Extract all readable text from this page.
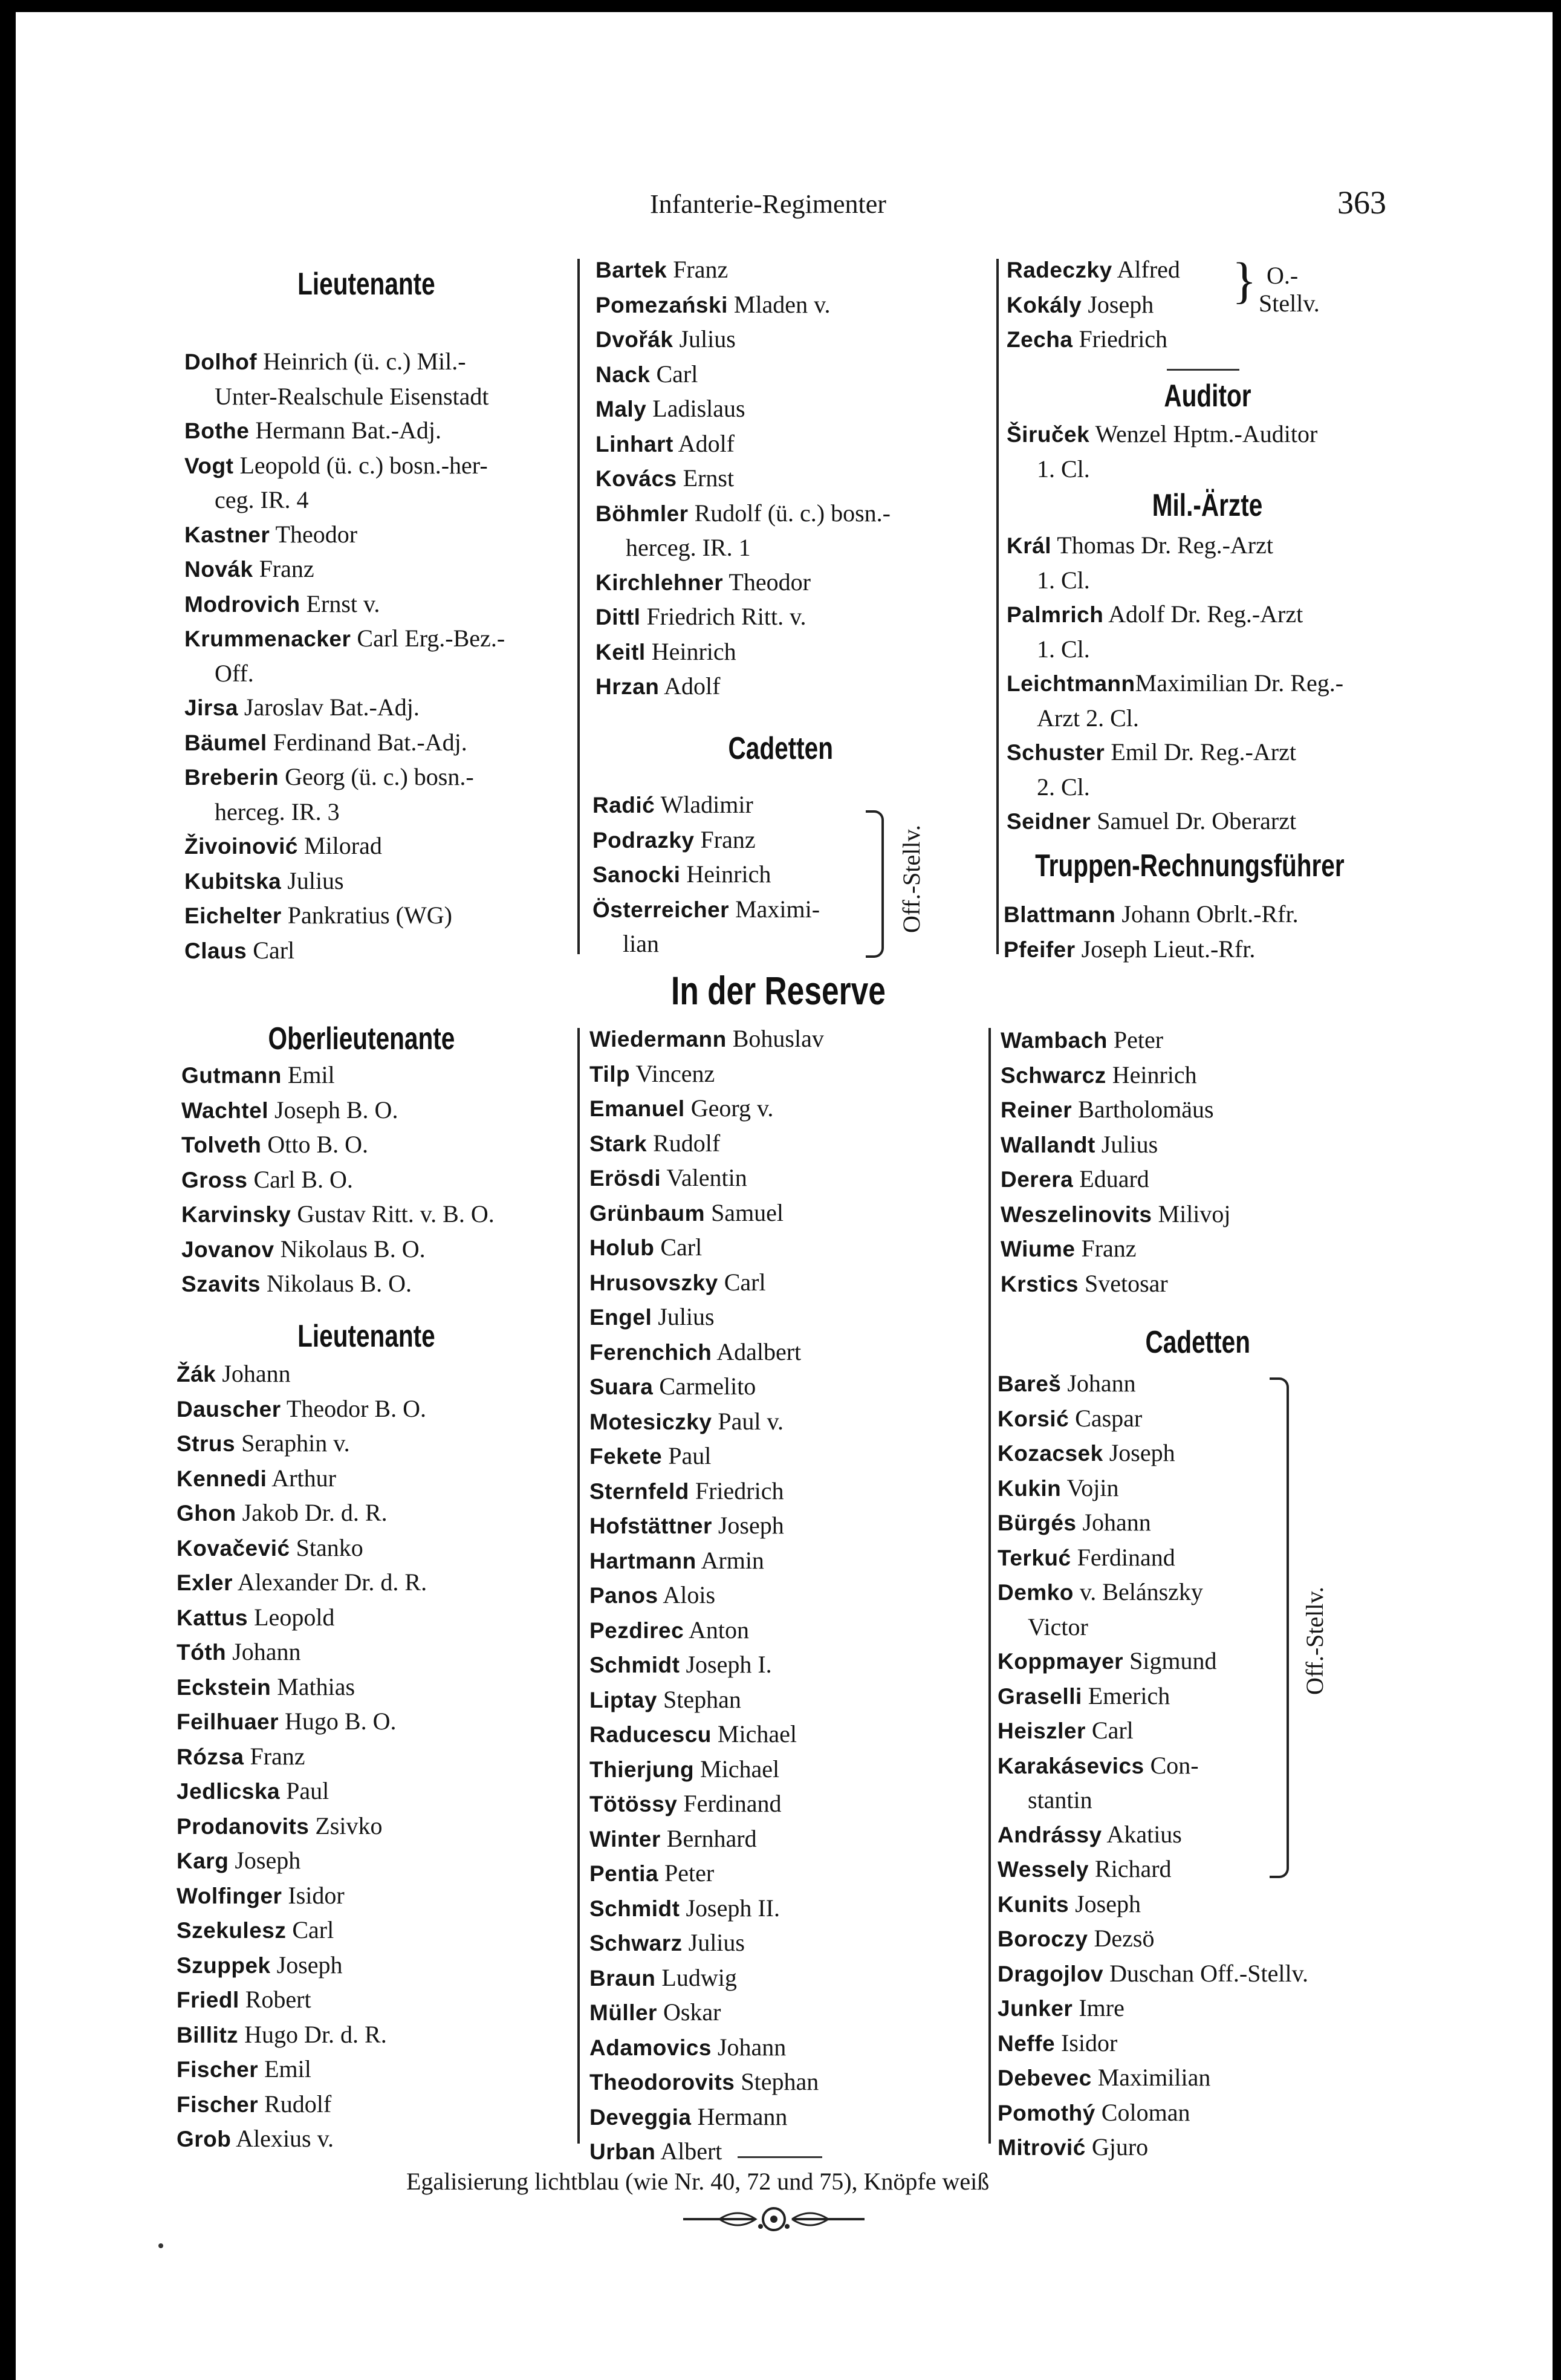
Infanterie-Regimenter	363
Lieutenante

Dolhof Heinrich (ü. c.) Mil.-

Unter-Realschule Eisenstadt

Bothe Hermann Bat.-Adj.

Vogt Leopold (ü. c.) bosn.-her-

ceg. IR. 4

Kastner Theodor

Novák Franz

Modrovich Ernst v.

Krummenacker Carl Erg.-Bez.-

Off.

Jirsa Jaroslav Bat.-Adj.

Bäumel Ferdinand Bat.-Adj.

Breberin Georg (ü. c.) bosn.-

herceg. IR. 3

Živoinović Milorad

Kubitska Julius

Eichelter Pankratius (WG)

Claus Carl

Bartek Franz

Pomezański Mladen v.

Dvořák Julius

Nack Carl

Maly Ladislaus

Linhart Adolf

Kovács Ernst

Böhmler Rudolf (ü. c.) bosn.-

herceg. IR. 1

Kirchlehner Theodor

Dittl Friedrich Ritt. v.

Keitl Heinrich

Hrzan Adolf

Cadetten

Radić Wladimir

Podrazky Franz

Sanocki Heinrich

Österreicher Maximi-

lian

Off.-Stellv.

Radeczky Alfred

Kokály Joseph

Zecha Friedrich

} O.-
Stellv.
Auditor

Širuček Wenzel Hptm.-Auditor

1. Cl.

Mil.-Ärzte

Král Thomas Dr. Reg.-Arzt

1. Cl.

Palmrich Adolf Dr. Reg.-Arzt

1. Cl.

LeichtmannMaximilian Dr. Reg.-

Arzt 2. Cl.

Schuster Emil Dr. Reg.-Arzt

2. Cl.

Seidner Samuel Dr. Oberarzt

Truppen-Rechnungsführer

Blattmann Johann Obrlt.-Rfr.

Pfeifer Joseph Lieut.-Rfr.

In der Reserve
Oberlieutenante

Gutmann Emil

Wachtel Joseph B. O.

Tolveth Otto B. O.

Gross Carl B. O.

Karvinsky Gustav Ritt. v. B. O.

Jovanov Nikolaus B. O.

Szavits Nikolaus B. O.

Lieutenante

Žák Johann

Dauscher Theodor B. O.

Strus Seraphin v.

Kennedi Arthur

Ghon Jakob Dr. d. R.

Kovačević Stanko

Exler Alexander Dr. d. R.

Kattus Leopold

Tóth Johann

Eckstein Mathias

Feilhuaer Hugo B. O.

Rózsa Franz

Jedlicska Paul

Prodanovits Zsivko

Karg Joseph

Wolfinger Isidor

Szekulesz Carl

Szuppek Joseph

Friedl Robert

Billitz Hugo Dr. d. R.

Fischer Emil

Fischer Rudolf

Grob Alexius v.

Wiedermann Bohuslav

Tilp Vincenz

Emanuel Georg v.

Stark Rudolf

Erösdi Valentin

Grünbaum Samuel

Holub Carl

Hrusovszky Carl

Engel Julius

Ferenchich Adalbert

Suara Carmelito

Motesiczky Paul v.

Fekete Paul

Sternfeld Friedrich

Hofstättner Joseph

Hartmann Armin

Panos Alois

Pezdirec Anton

Schmidt Joseph I.

Liptay Stephan

Raducescu Michael

Thierjung Michael

Tötössy Ferdinand

Winter Bernhard

Pentia Peter

Schmidt Joseph II.

Schwarz Julius

Braun Ludwig

Müller Oskar

Adamovics Johann

Theodorovits Stephan

Deveggia Hermann

Urban Albert

Wambach Peter

Schwarcz Heinrich

Reiner Bartholomäus

Wallandt Julius

Derera Eduard

Weszelinovits Milivoj

Wiume Franz

Krstics Svetosar

Cadetten

Bareš Johann

Korsić Caspar

Kozacsek Joseph

Kukin Vojin

Bürgés Johann

Terkuć Ferdinand

Demko v. Belánszky

Victor

Koppmayer Sigmund

Graselli Emerich

Heiszler Carl

Karakásevics Con-

stantin

Andrássy Akatius

Wessely Richard

Kunits Joseph

Boroczy Dezsö

Dragojlov Duschan Off.-Stellv.

Junker Imre

Neffe Isidor

Debevec Maximilian

Pomothý Coloman

Mitrović Gjuro

Off.-Stellv.
Egalisierung lichtblau (wie Nr. 40, 72 und 75), Knöpfe weiß
